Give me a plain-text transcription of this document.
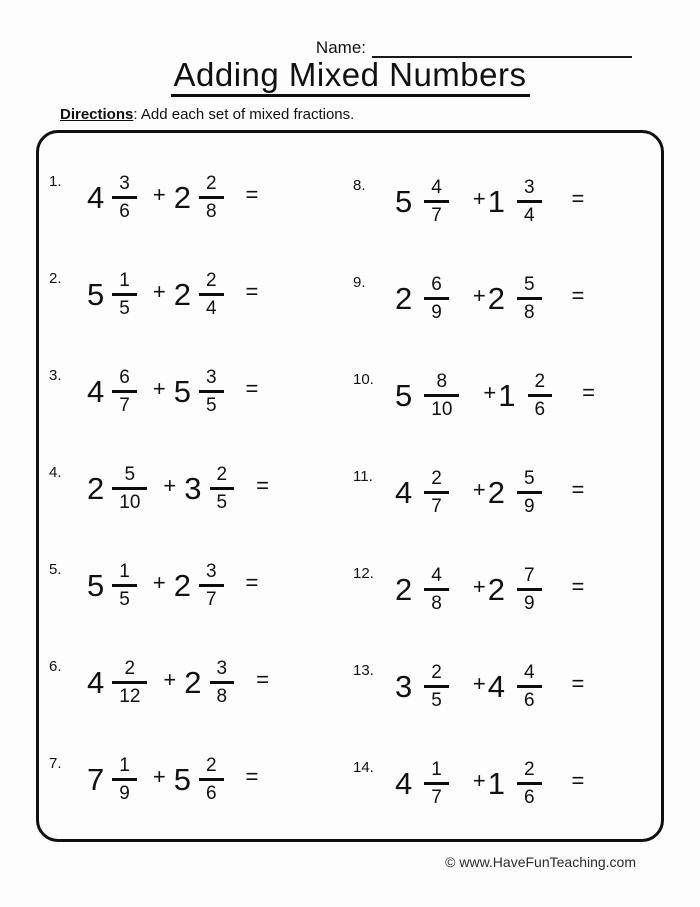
Name:
Adding Mixed Numbers
Directions: Add each set of mixed fractions.
1. $4 \frac{3}{6} + 2 \frac{2}{8}$ =
2. $5 \frac{1}{5} + 2 \frac{2}{4}$ =
3. $4 \frac{6}{7} + 5 \frac{3}{5}$ =
4. $2 \frac{5}{10} + 3 \frac{2}{5}$ =
5. $5 \frac{1}{5} + 2 \frac{3}{7}$ =
6. $4 \frac{2}{12} + 2 \frac{3}{8}$ =
7. $7 \frac{1}{9} + 5 \frac{2}{6}$ =
8. $5 \frac{4}{7} + 1 \frac{3}{4}$ =
9. $2 \frac{6}{9} + 2 \frac{5}{8}$ =
10. $5 \frac{8}{10} + 1 \frac{2}{6}$ =
11. $4 \frac{2}{7} + 2 \frac{5}{9}$ =
12. $2 \frac{4}{8} + 2 \frac{7}{9}$ =
13. $3 \frac{2}{5} + 4 \frac{4}{6}$ =
14. $4 \frac{1}{7} + 1 \frac{2}{6}$ =
© www.HaveFunTeaching.com
